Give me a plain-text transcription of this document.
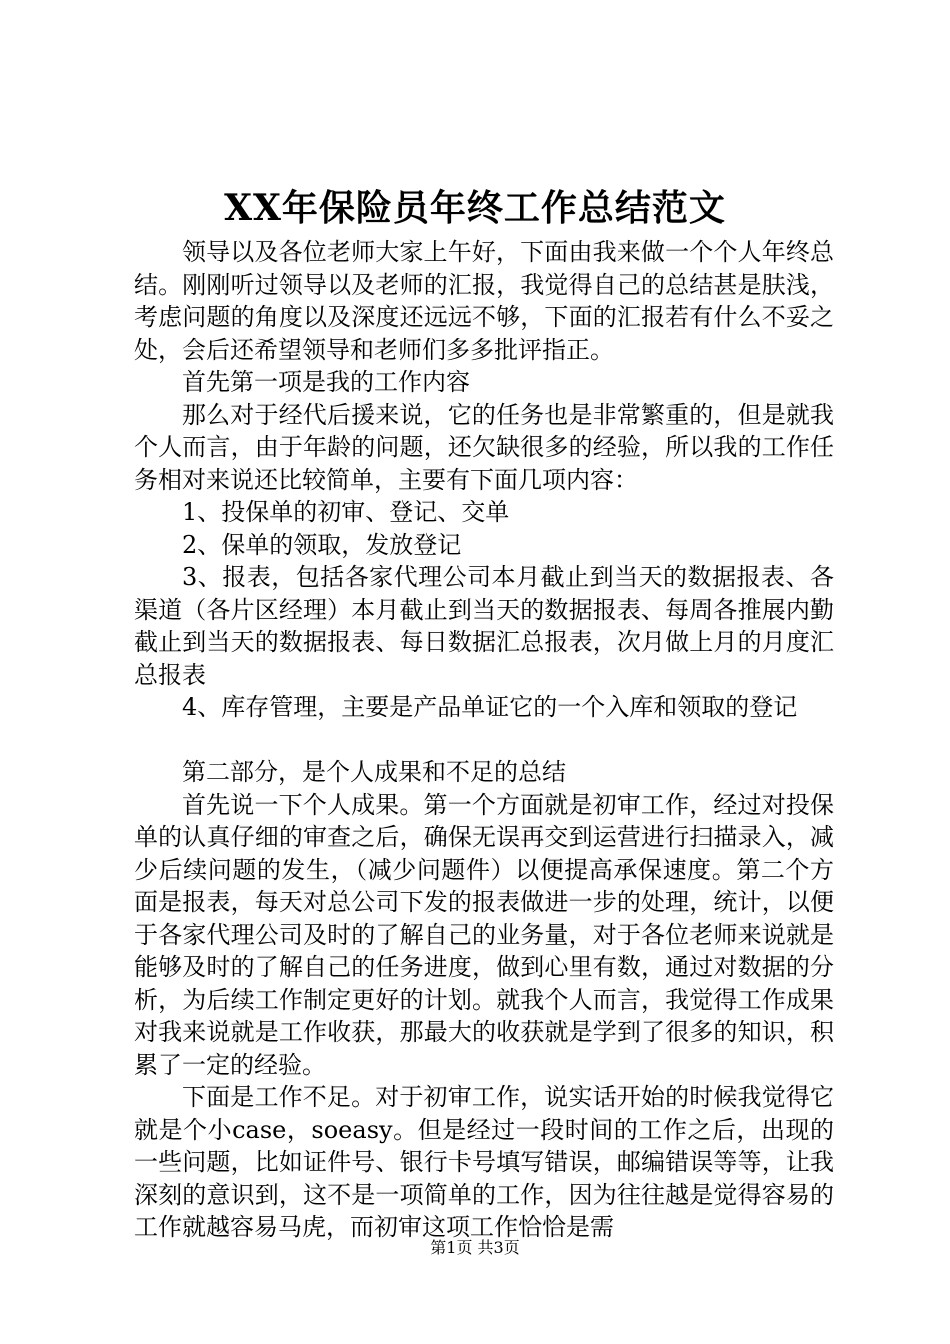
XX年保险员年终工作总结范文

领导以及各位老师大家上午好，下面由我来做一个个人年终总结。刚刚听过领导以及老师的汇报，我觉得自己的总结甚是肤浅，考虑问题的角度以及深度还远远不够，下面的汇报若有什么不妥之处，会后还希望领导和老师们多多批评指正。

首先第一项是我的工作内容

那么对于经代后援来说，它的任务也是非常繁重的，但是就我个人而言，由于年龄的问题，还欠缺很多的经验，所以我的工作任务相对来说还比较简单，主要有下面几项内容：

1、投保单的初审、登记、交单

2、保单的领取，发放登记

3、报表，包括各家代理公司本月截止到当天的数据报表、各渠道（各片区经理）本月截止到当天的数据报表、每周各推展内勤截止到当天的数据报表、每日数据汇总报表，次月做上月的月度汇总报表

4、库存管理，主要是产品单证它的一个入库和领取的登记

第二部分，是个人成果和不足的总结

首先说一下个人成果。第一个方面就是初审工作，经过对投保单的认真仔细的审查之后，确保无误再交到运营进行扫描录入，减少后续问题的发生，（减少问题件）以便提高承保速度。第二个方面是报表，每天对总公司下发的报表做进一步的处理，统计，以便于各家代理公司及时的了解自己的业务量，对于各位老师来说就是能够及时的了解自己的任务进度，做到心里有数，通过对数据的分析，为后续工作制定更好的计划。就我个人而言，我觉得工作成果对我来说就是工作收获，那最大的收获就是学到了很多的知识，积累了一定的经验。

下面是工作不足。对于初审工作，说实话开始的时候我觉得它就是个小case，soeasy。但是经过一段时间的工作之后，出现的一些问题，比如证件号、银行卡号填写错误，邮编错误等等，让我深刻的意识到，这不是一项简单的工作，因为往往越是觉得容易的工作就越容易马虎，而初审这项工作恰恰是需

第1页 共3页
